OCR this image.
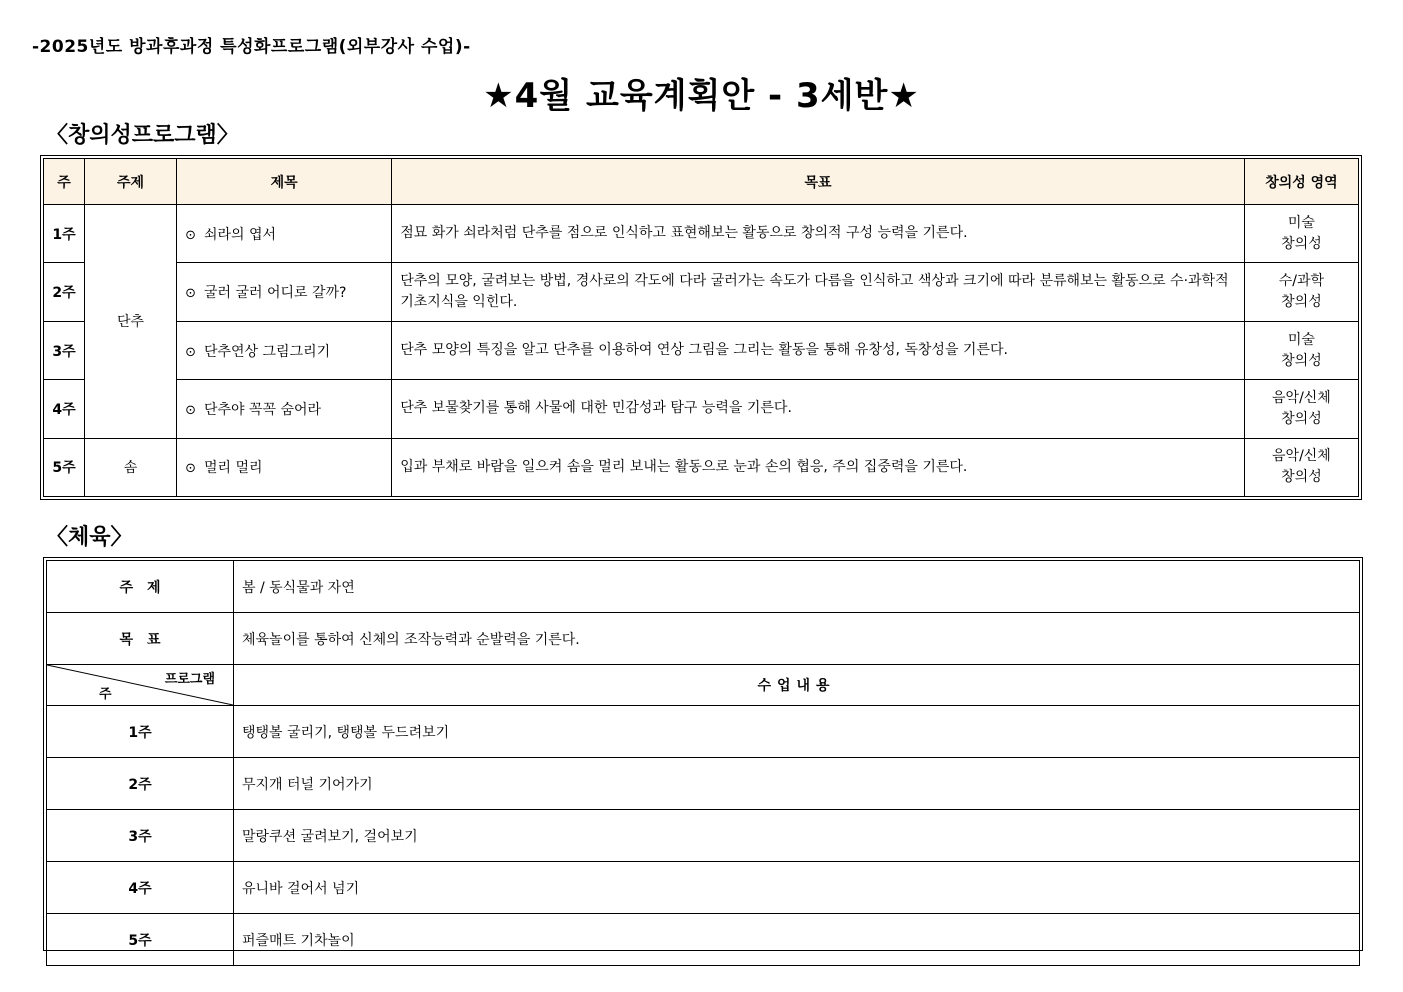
-2025년도 방과후과정 특성화프로그램(외부강사 수업)-
★4월 교육계획안 - 3세반★
〈창의성프로그램〉
주	주제	제목	목표	창의성 영역
1주	단추	⊙ 쇠라의 엽서	점묘 화가 쇠라처럼 단추를 점으로 인식하고 표현해보는 활동으로 창의적 구성 능력을 기른다.	미술
창의성

2주		⊙ 굴러 굴러 어디로 갈까?	단추의 모양, 굴려보는 방법, 경사로의 각도에 다라 굴러가는 속도가 다름을 인식하고 색상과 크기에 따라 분류해보는 활동으로 수·과학적 기초지식을 익힌다.	수/과학
창의성

3주		⊙ 단추연상 그림그리기	단추 모양의 특징을 알고 단추를 이용하여 연상 그림을 그리는 활동을 통해 유창성, 독창성을 기른다.	미술
창의성

4주		⊙ 단추야 꼭꼭 숨어라	단추 보물찾기를 통해 사물에 대한 민감성과 탐구 능력을 기른다.	음악/신체
창의성

5주	솜	⊙ 멀리 멀리	입과 부채로 바람을 일으켜 솜을 멀리 보내는 활동으로 눈과 손의 협응, 주의 집중력을 기른다.	음악/신체
창의성
〈체육〉
주　제	봄 / 동식물과 자연
목　표	체육놀이를 통하여 신체의 조작능력과 순발력을 기른다.

프로그램
주	수업내용
1주	탱탱볼 굴리기, 탱탱볼 두드려보기
2주	무지개 터널 기어가기
3주	말랑쿠션 굴려보기, 걸어보기
4주	유니바 걸어서 넘기
5주	퍼즐매트 기차놀이
